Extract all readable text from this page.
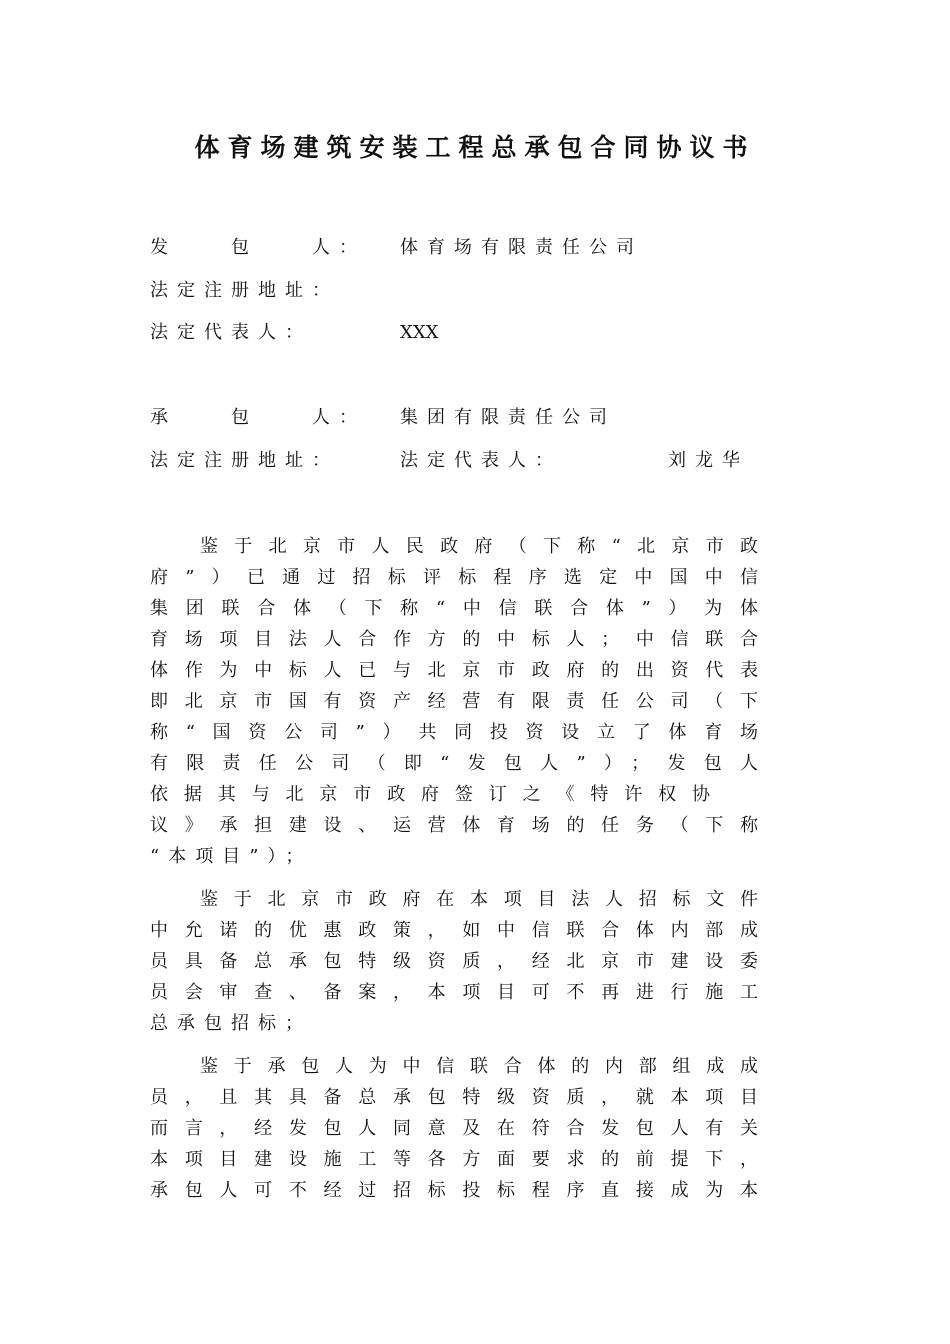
体育场建筑安装工程总承包合同协议书
发　　包　　人： 体育场有限责任公司
法定注册地址：
法定代表人：	XXX
承　　包　　人： 集团有限责任公司
法定注册地址：	法定代表人：	刘龙华
鉴于北京市人民政府（下称“北京市政
府”）已通过招标评标程序选定中国中信
集团联合体（下称“中信联合体”）为体
育场项目法人合作方的中标人；中信联合
体作为中标人已与北京市政府的出资代表
即北京市国有资产经营有限责任公司（下
称“国资公司”）共同投资设立了体育场
有限责任公司（即“发包人”）；发包人
依据其与北京市政府签订之《特许权协
议》承担建设、运营体育场的任务（下称
“本项目”）；
鉴于北京市政府在本项目法人招标文件
中允诺的优惠政策，如中信联合体内部成
员具备总承包特级资质，经北京市建设委
员会审查、备案，本项目可不再进行施工
总承包招标；
鉴于承包人为中信联合体的内部组成成
员，且其具备总承包特级资质，就本项目
而言，经发包人同意及在符合发包人有关
本项目建设施工等各方面要求的前提下，
承包人可不经过招标投标程序直接成为本
